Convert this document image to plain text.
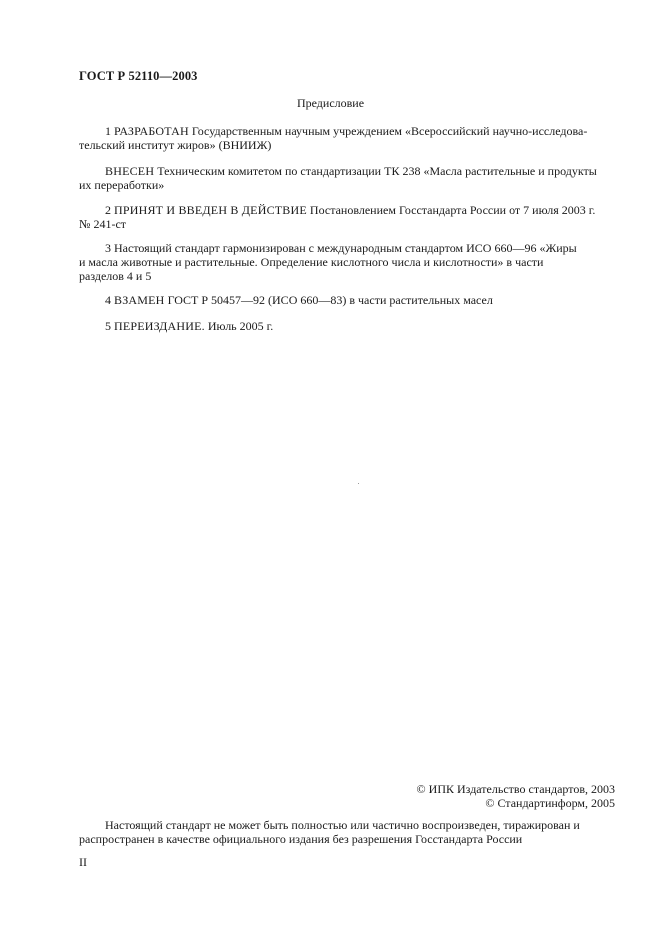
ГОСТ Р 52110—2003
Предисловие
1 РАЗРАБОТАН Государственным научным учреждением «Всероссийский научно-исследова-
тельский институт жиров» (ВНИИЖ)
ВНЕСЕН Техническим комитетом по стандартизации ТК 238 «Масла растительные и продукты
их переработки»
2 ПРИНЯТ И ВВЕДЕН В ДЕЙСТВИЕ Постановлением Госстандарта России от 7 июля 2003 г.
№ 241-ст
3 Настоящий стандарт гармонизирован с международным стандартом ИСО 660—96 «Жиры
и масла животные и растительные. Определение кислотного числа и кислотности» в части
разделов 4 и 5
4 ВЗАМЕН ГОСТ Р 50457—92 (ИСО 660—83) в части растительных масел
5 ПЕРЕИЗДАНИЕ. Июль 2005 г.
© ИПК Издательство стандартов, 2003
© Стандартинформ, 2005
Настоящий стандарт не может быть полностью или частично воспроизведен, тиражирован и
распространен в качестве официального издания без разрешения Госстандарта России
II
